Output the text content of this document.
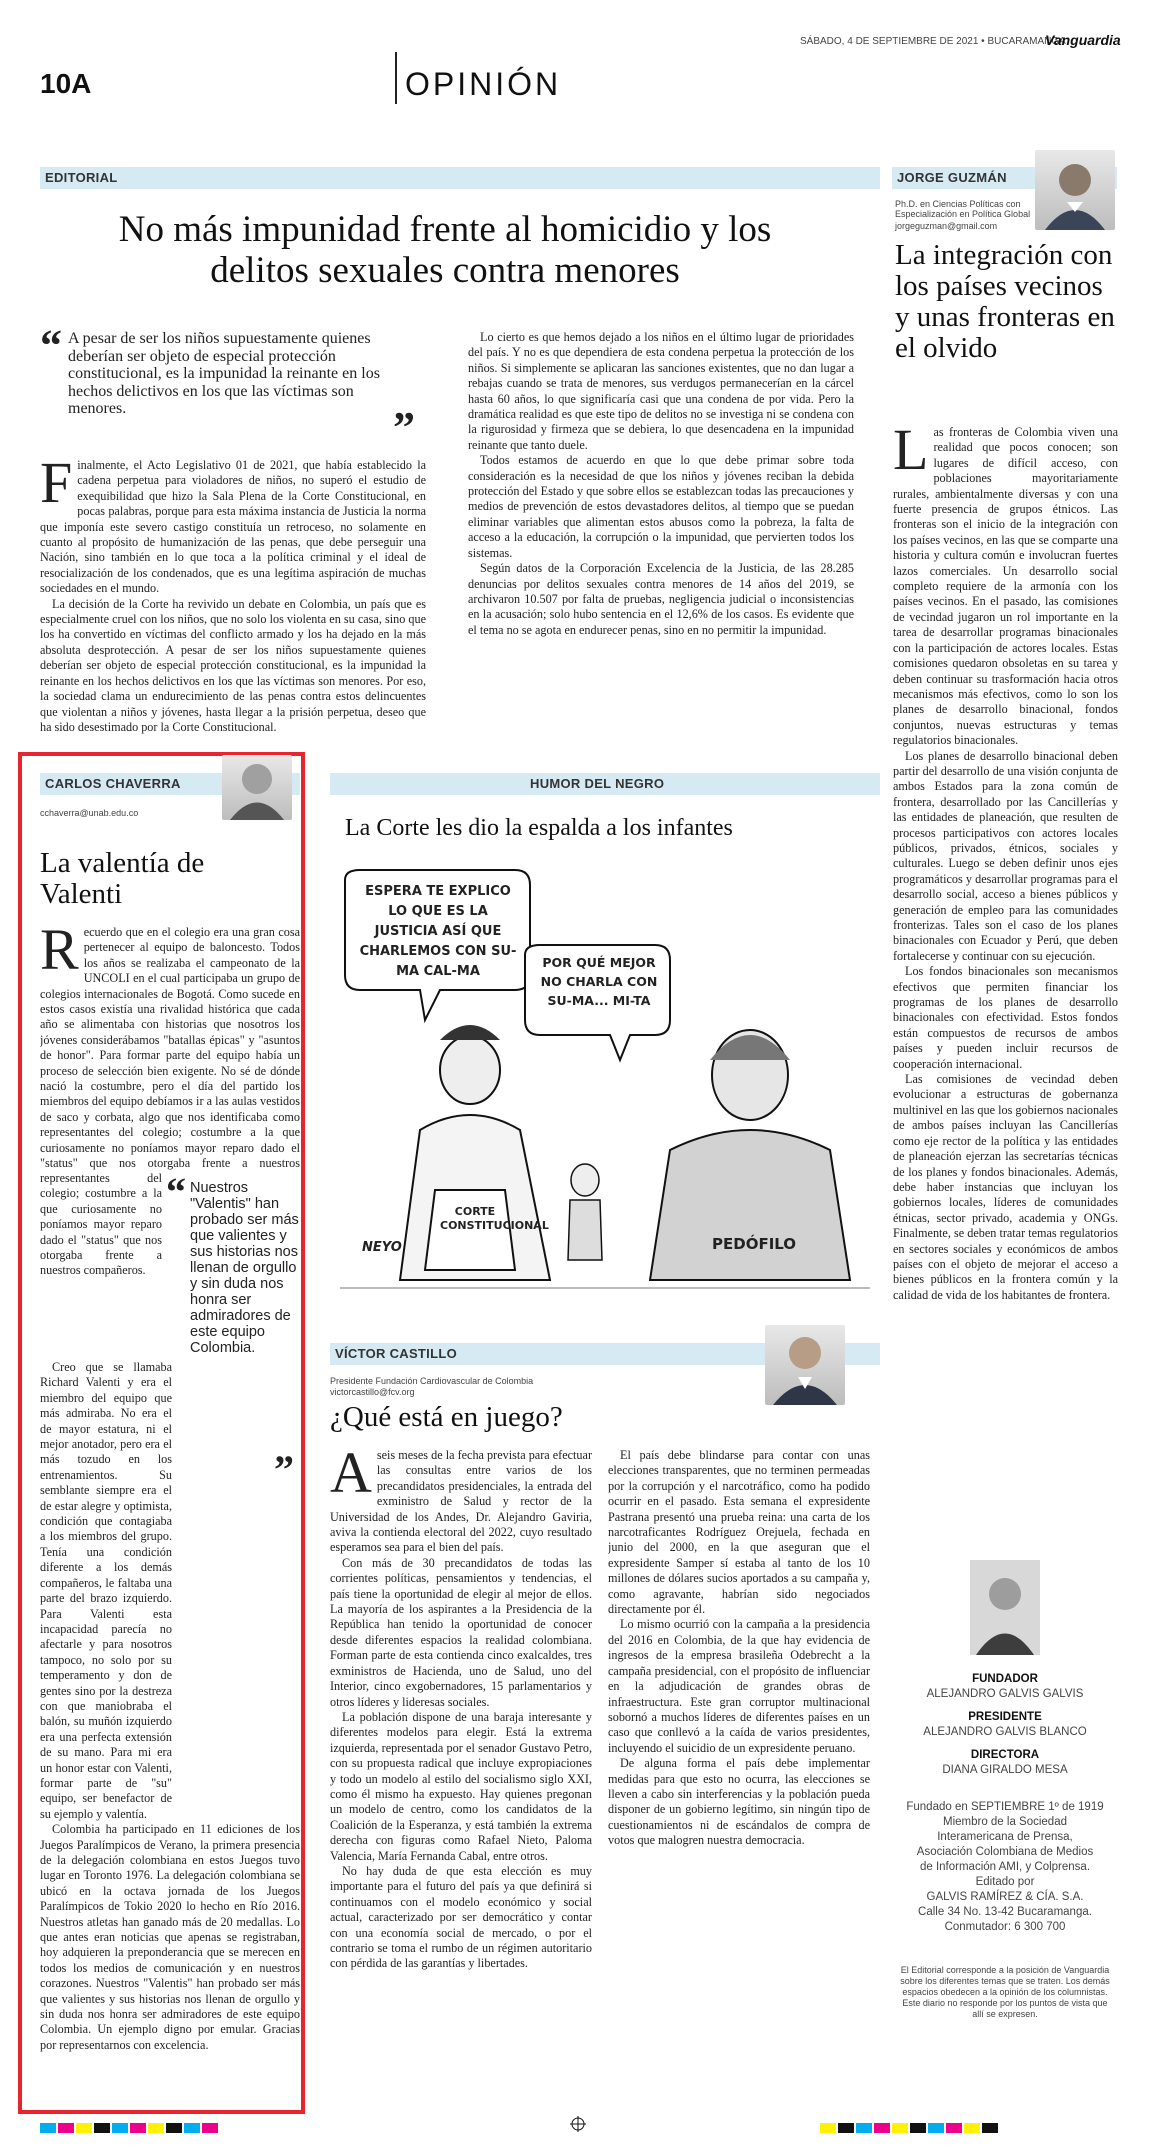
10A	OPINIÓN
SÁBADO, 4 DE SEPTIEMBRE DE 2021 • BUCARAMANGA
Vanguardia
EDITORIAL
No más impunidad frente al homicidio y los delitos sexuales contra menores
“ A pesar de ser los niños supuestamente quienes deberían ser objeto de especial protección constitucional, es la impunidad la reinante en los hechos delictivos en los que las víctimas son menores.	”

Finalmente, el Acto Legislativo 01 de 2021, que había establecido la cadena perpetua para violadores de niños, no superó el estudio de exequibilidad que hizo la Sala Plena de la Corte Constitucional, en pocas palabras, porque para esta máxima instancia de Justicia la norma que imponía este severo castigo constituía un retroceso, no solamente en cuanto al propósito de humanización de las penas, que debe perseguir una Nación, sino también en lo que toca a la política criminal y el ideal de resocialización de los condenados, que es una legítima aspiración de muchas sociedades en el mundo.

La decisión de la Corte ha revivido un debate en Colombia, un país que es especialmente cruel con los niños, que no solo los violenta en su casa, sino que los ha convertido en víctimas del conflicto armado y los ha dejado en la más absoluta desprotección. A pesar de ser los niños supuestamente quienes deberían ser objeto de especial protección constitucional, es la impunidad la reinante en los hechos delictivos en los que las víctimas son menores. Por eso, la sociedad clama un endurecimiento de las penas contra estos delincuentes que violentan a niños y jóvenes, hasta llegar a la prisión perpetua, deseo que ha sido desestimado por la Corte Constitucional.

Lo cierto es que hemos dejado a los niños en el último lugar de prioridades del país. Y no es que dependiera de esta condena perpetua la protección de los niños. Si simplemente se aplicaran las sanciones existentes, que no dan lugar a rebajas cuando se trata de menores, sus verdugos permanecerían en la cárcel hasta 60 años, lo que significaría casi que una condena de por vida. Pero la dramática realidad es que este tipo de delitos no se investiga ni se condena con la rigurosidad y firmeza que se debiera, lo que desencadena en la impunidad reinante que tanto duele.

Todos estamos de acuerdo en que lo que debe primar sobre toda consideración es la necesidad de que los niños y jóvenes reciban la debida protección del Estado y que sobre ellos se establezcan todas las precauciones y medios de prevención de estos devastadores delitos, al tiempo que se puedan eliminar variables que alimentan estos abusos como la pobreza, la falta de acceso a la educación, la corrupción o la impunidad, que pervierten todos los sistemas.

Según datos de la Corporación Excelencia de la Justicia, de las 28.285 denuncias por delitos sexuales contra menores de 14 años del 2019, se archivaron 10.507 por falta de pruebas, negligencia judicial o inconsistencias en la acusación; solo hubo sentencia en el 12,6% de los casos. Es evidente que el tema no se agota en endurecer penas, sino en no permitir la impunidad.

JORGE GUZMÁN
Ph.D. en Ciencias Políticas con Especialización en Política Global
jorgeguzman@gmail.com
La integración con los países vecinos y unas fronteras en el olvido

Las fronteras de Colombia viven una realidad que pocos conocen; son lugares de difícil acceso, con poblaciones mayoritariamente rurales, ambientalmente diversas y con una fuerte presencia de grupos étnicos. Las fronteras son el inicio de la integración con los países vecinos, en las que se comparte una historia y cultura común e involucran fuertes lazos comerciales. Un desarrollo social completo requiere de la armonía con los países vecinos. En el pasado, las comisiones de vecindad jugaron un rol importante en la tarea de desarrollar programas binacionales con la participación de actores locales. Estas comisiones quedaron obsoletas en su tarea y deben continuar su trasformación hacia otros mecanismos más efectivos, como lo son los planes de desarrollo binacional, fondos conjuntos, nuevas estructuras y temas regulatorios binacionales.

Los planes de desarrollo binacional deben partir del desarrollo de una visión conjunta de ambos Estados para la zona común de frontera, desarrollado por las Cancillerías y las entidades de planeación, que resulten de procesos participativos con actores locales públicos, privados, étnicos, sociales y culturales. Luego se deben definir unos ejes programáticos y desarrollar programas para el desarrollo social, acceso a bienes públicos y generación de empleo para las comunidades fronterizas. Tales son el caso de los planes binacionales con Ecuador y Perú, que deben fortalecerse y continuar con su ejecución.

Los fondos binacionales son mecanismos efectivos que permiten financiar los programas de los planes de desarrollo binacionales con efectividad. Estos fondos están compuestos de recursos de ambos países y pueden incluir recursos de cooperación internacional.

Las comisiones de vecindad deben evolucionar a estructuras de gobernanza multinivel en las que los gobiernos nacionales de ambos países incluyan las Cancillerías como eje rector de la política y las entidades de planeación ejerzan las secretarías técnicas de los planes y fondos binacionales. Además, debe haber instancias que incluyan los gobiernos locales, líderes de comunidades étnicas, sector privado, academia y ONGs. Finalmente, se deben tratar temas regulatorios en sectores sociales y económicos de ambos países con el objeto de mejorar el acceso a bienes públicos en la frontera común y la calidad de vida de los habitantes de frontera.

FUNDADOR
ALEJANDRO GALVIS GALVIS
PRESIDENTE
ALEJANDRO GALVIS BLANCO
DIRECTORA
DIANA GIRALDO MESA
Fundado en SEPTIEMBRE 1º de 1919
Miembro de la Sociedad Interamericana de Prensa,
Asociación Colombiana de Medios de Información AMI, y Colprensa.
Editado por
GALVIS RAMÍREZ & CÍA. S.A.
Calle 34 No. 13-42 Bucaramanga.
Conmutador: 6 300 700
El Editorial corresponde a la posición de Vanguardia sobre los diferentes temas que se traten. Los demás espacios obedecen a la opinión de los columnistas. Este diario no responde por los puntos de vista que allí se expresen.
CARLOS CHAVERRA
cchaverra@unab.edu.co
La valentía de Valenti

Recuerdo que en el colegio era una gran cosa pertenecer al equipo de baloncesto. Todos los años se realizaba el campeonato de la UNCOLI en el cual participaba un grupo de colegios internacionales de Bogotá. Como sucede en estos casos existía una rivalidad histórica que cada año se alimentaba con historias que nosotros los jóvenes considerábamos "batallas épicas" y "asuntos de honor". Para formar parte del equipo había un proceso de selección bien exigente. No sé de dónde nació la costumbre, pero el día del partido los miembros del equipo debíamos ir a las aulas vestidos de saco y corbata, algo que nos identificaba como representantes del colegio; costumbre a la que curiosamente no poníamos mayor reparo dado el "status" que nos otorgaba frente a nuestros

“ Nuestros "Valentis" han probado ser más que valientes y sus historias nos llenan de orgullo y sin duda nos honra ser admiradores de este equipo Colombia.
”

representantes del colegio; costumbre a la que curiosamente no poníamos mayor reparo dado el "status" que nos otorgaba frente a nuestros compañeros.

Creo que se llamaba Richard Valenti y era el miembro del equipo que más admiraba. No era el de mayor estatura, ni el mejor anotador, pero era el más tozudo en los entrenamientos. Su semblante siempre era el de estar alegre y optimista, condición que contagiaba a los miembros del grupo. Tenía una condición diferente a los demás compañeros, le faltaba una parte del brazo izquierdo. Para Valenti esta incapacidad parecía no afectarle y para nosotros tampoco, no solo por su temperamento y don de gentes sino por la destreza con que maniobraba el balón, su muñón izquierdo era una perfecta extensión de su mano. Para mi era un honor estar con Valenti, formar parte de "su" equipo, ser benefactor de su ejemplo y valentía.

Colombia ha participado en 11 ediciones de los Juegos Paralímpicos de Verano, la primera presencia de la delegación colombiana en estos Juegos tuvo lugar en Toronto 1976. La delegación colombiana se ubicó en la octava jornada de los Juegos Paralímpicos de Tokio 2020 lo hecho en Río 2016. Nuestros atletas han ganado más de 20 medallas. Lo que antes eran noticias que apenas se registraban, hoy adquieren la preponderancia que se merecen en todos los medios de comunicación y en nuestros corazones. Nuestros "Valentis" han probado ser más que valientes y sus historias nos llenan de orgullo y sin duda nos honra ser admiradores de este equipo Colombia. Un ejemplo digno por emular. Gracias por representarnos con excelencia.

HUMOR DEL NEGRO
La Corte les dio la espalda a los infantes
ESPERA TE EXPLICO LO QUE ES LA JUSTICIA ASÍ QUE CHARLEMOS CON SU-MA CAL-MA
POR QUÉ MEJOR NO CHARLA CON SU-MA... MI-TA
CORTE CONSTITUCIONAL
PEDÓFILO
NEYO
VÍCTOR CASTILLO
Presidente Fundación Cardiovascular de Colombia
victorcastillo@fcv.org
¿Qué está en juego?

Aseis meses de la fecha prevista para efectuar las consultas entre varios de los precandidatos presidenciales, la entrada del exministro de Salud y rector de la Universidad de los Andes, Dr. Alejandro Gaviria, aviva la contienda electoral del 2022, cuyo resultado esperamos sea para el bien del país.

Con más de 30 precandidatos de todas las corrientes políticas, pensamientos y tendencias, el país tiene la oportunidad de elegir al mejor de ellos. La mayoría de los aspirantes a la Presidencia de la República han tenido la oportunidad de conocer desde diferentes espacios la realidad colombiana. Forman parte de esta contienda cinco exalcaldes, tres exministros de Hacienda, uno de Salud, uno del Interior, cinco exgobernadores, 15 parlamentarios y otros líderes y lideresas sociales.

La población dispone de una baraja interesante y diferentes modelos para elegir. Está la extrema izquierda, representada por el senador Gustavo Petro, con su propuesta radical que incluye expropiaciones y todo un modelo al estilo del socialismo siglo XXI, como él mismo ha expuesto. Hay quienes pregonan un modelo de centro, como los candidatos de la Coalición de la Esperanza, y está también la extrema derecha con figuras como Rafael Nieto, Paloma Valencia, María Fernanda Cabal, entre otros.

No hay duda de que esta elección es muy importante para el futuro del país ya que definirá si continuamos con el modelo económico y social actual, caracterizado por ser democrático y contar con una economía social de mercado, o por el contrario se toma el rumbo de un régimen autoritario con pérdida de las garantías y libertades.

El país debe blindarse para contar con unas elecciones transparentes, que no terminen permeadas por la corrupción y el narcotráfico, como ha podido ocurrir en el pasado. Esta semana el expresidente Pastrana presentó una prueba reina: una carta de los narcotraficantes Rodríguez Orejuela, fechada en junio del 2000, en la que aseguran que el expresidente Samper sí estaba al tanto de los 10 millones de dólares sucios aportados a su campaña y, como agravante, habrían sido negociados directamente por él.

Lo mismo ocurrió con la campaña a la presidencia del 2016 en Colombia, de la que hay evidencia de ingresos de la empresa brasileña Odebrecht a la campaña presidencial, con el propósito de influenciar en la adjudicación de grandes obras de infraestructura. Este gran corruptor multinacional sobornó a muchos líderes de diferentes países en un caso que conllevó a la caída de varios presidentes, incluyendo el suicidio de un expresidente peruano.

De alguna forma el país debe implementar medidas para que esto no ocurra, las elecciones se lleven a cabo sin interferencias y la población pueda disponer de un gobierno legítimo, sin ningún tipo de cuestionamientos ni de escándalos de compra de votos que malogren nuestra democracia.
